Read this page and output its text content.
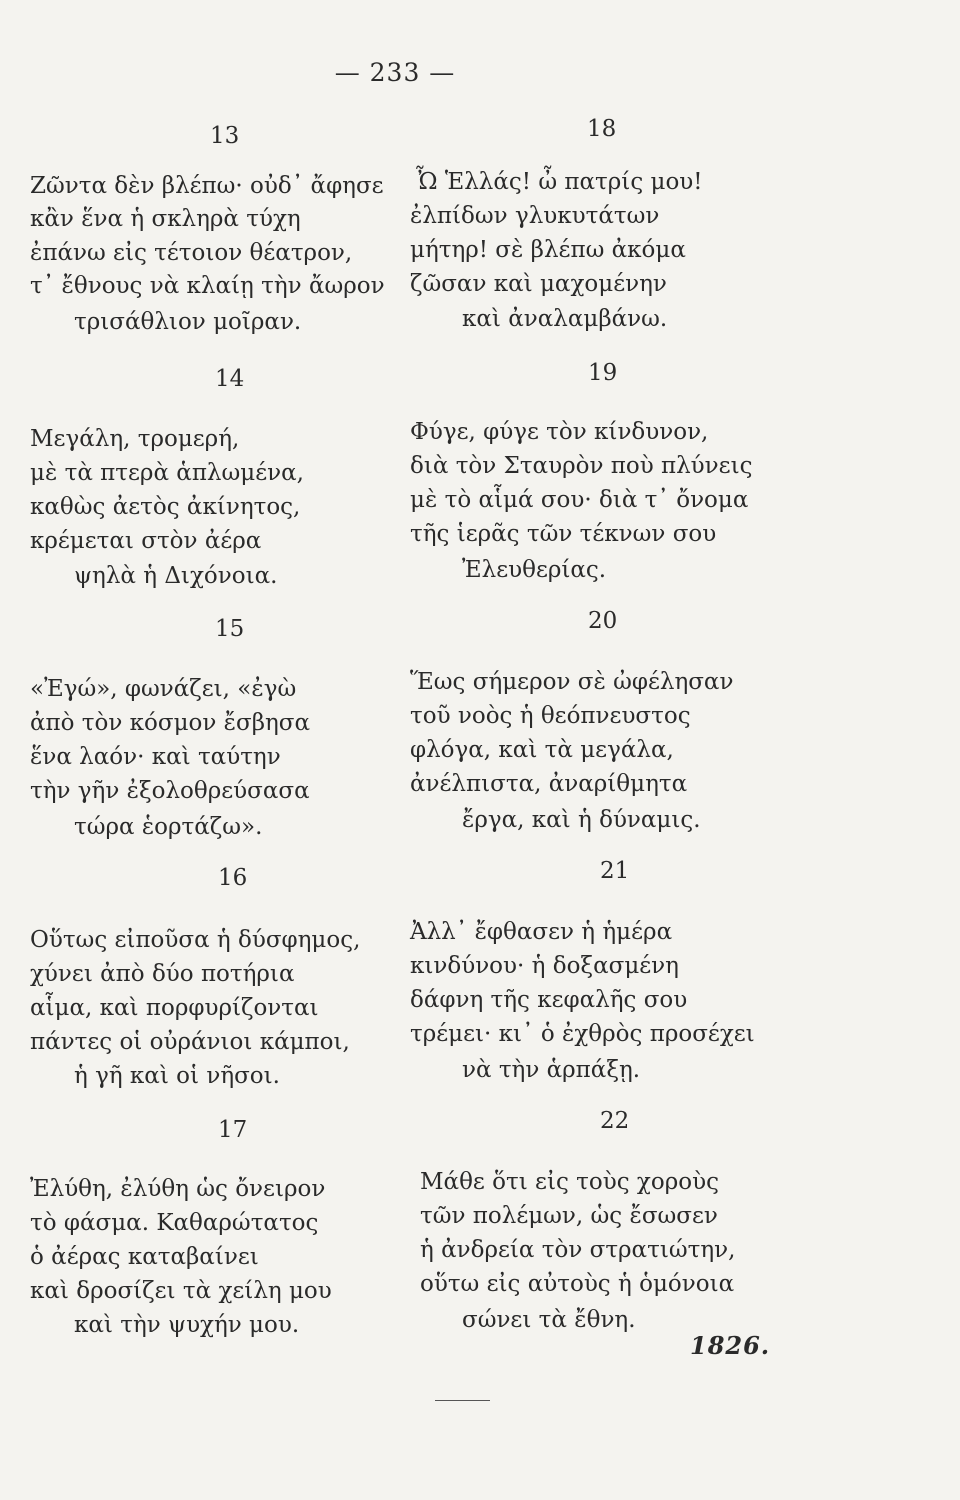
— 233 —
13
Ζῶντα δὲν βλέπω· οὐδ᾽ ἄφησε
κἂν ἕνα ἡ σκληρὰ τύχη
ἐπάνω εἰς τέτοιον θέατρον,
τ᾽ ἔθνους νὰ κλαίῃ τὴν ἄωρον
τρισάθλιον μοῖραν.
14
Μεγάλη, τρομερή,
μὲ τὰ πτερὰ ἁπλωμένα,
καθὼς ἀετὸς ἀκίνητος,
κρέμεται στὸν ἀέρα
ψηλὰ ἡ Διχόνοια.
15
«Ἐγώ», φωνάζει, «ἐγὼ
ἀπὸ τὸν κόσμον ἔσβησα
ἕνα λαόν· καὶ ταύτην
τὴν γῆν ἐξολοθρεύσασα
τώρα ἑορτάζω».
16
Οὕτως εἰποῦσα ἡ δύσφημος,
χύνει ἀπὸ δύο ποτήρια
αἷμα, καὶ πορφυρίζονται
πάντες οἱ οὐράνιοι κάμποι,
ἡ γῆ καὶ οἱ νῆσοι.
17
Ἐλύθη, ἐλύθη ὡς ὄνειρον
τὸ φάσμα. Καθαρώτατος
ὁ ἀέρας καταβαίνει
καὶ δροσίζει τὰ χείλη μου
καὶ τὴν ψυχήν μου.
18
Ὦ Ἑλλάς! ὦ πατρίς μου!
ἐλπίδων γλυκυτάτων
μήτηρ! σὲ βλέπω ἀκόμα
ζῶσαν καὶ μαχομένην
καὶ ἀναλαμβάνω.
19
Φύγε, φύγε τὸν κίνδυνον,
διὰ τὸν Σταυρὸν ποὺ πλύνεις
μὲ τὸ αἷμά σου· διὰ τ᾽ ὄνομα
τῆς ἱερᾶς τῶν τέκνων σου
Ἐλευθερίας.
20
Ἕως σήμερον σὲ ὠφέλησαν
τοῦ νοὸς ἡ θεόπνευστος
φλόγα, καὶ τὰ μεγάλα,
ἀνέλπιστα, ἀναρίθμητα
ἔργα, καὶ ἡ δύναμις.
21
Ἀλλ᾽ ἔφθασεν ἡ ἡμέρα
κινδύνου· ἡ δοξασμένη
δάφνη τῆς κεφαλῆς σου
τρέμει· κι᾽ ὁ ἐχθρὸς προσέχει
νὰ τὴν ἁρπάξῃ.
22
Μάθε ὅτι εἰς τοὺς χοροὺς
τῶν πολέμων, ὡς ἔσωσεν
ἡ ἀνδρεία τὸν στρατιώτην,
οὕτω εἰς αὐτοὺς ἡ ὁμόνοια
σώνει τὰ ἔθνη.
1826.
